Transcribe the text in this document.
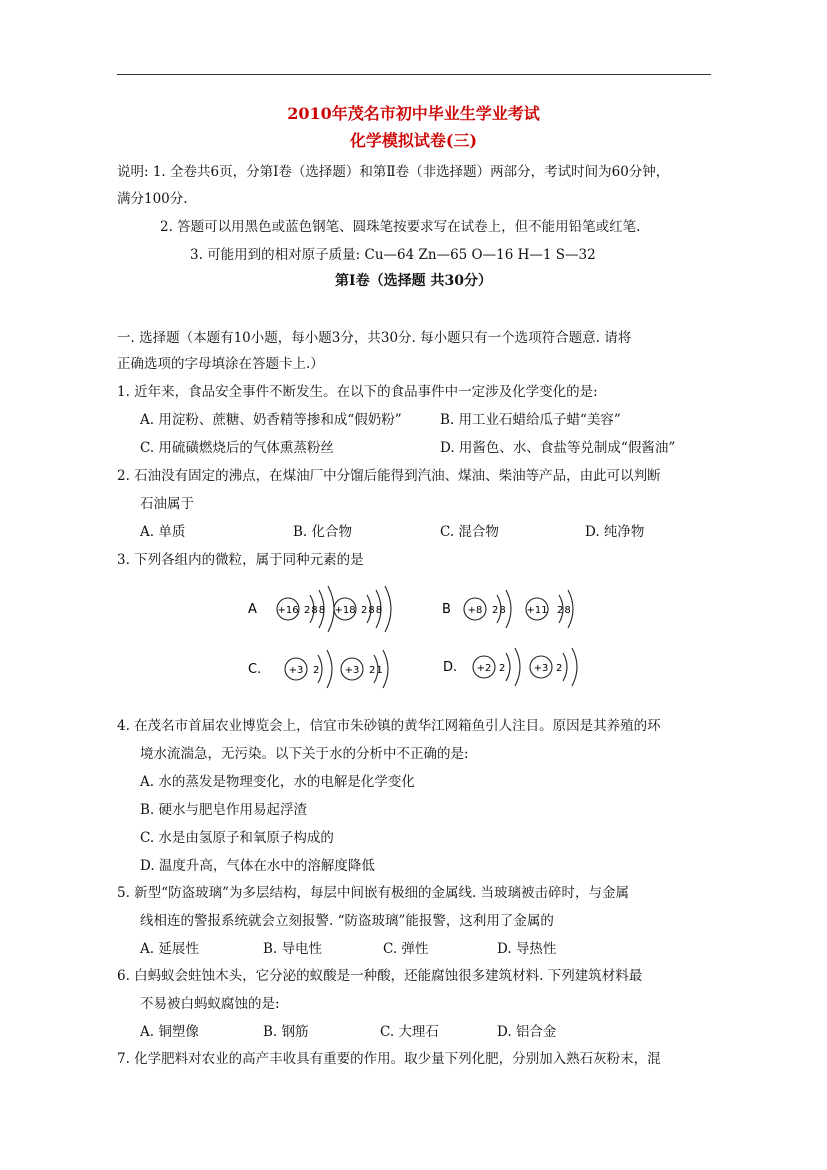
2010年茂名市初中毕业生学业考试
化学模拟试卷(三)
说明: 1. 全卷共6页，分第Ⅰ卷（选择题）和第Ⅱ卷（非选择题）两部分，考试时间为60分钟，
满分100分.
2. 答题可以用黑色或蓝色钢笔、圆珠笔按要求写在试卷上，但不能用铅笔或红笔.
3. 可能用到的相对原子质量: Cu—64 Zn—65 O—16 H—1 S—32
第Ⅰ卷（选择题 共30分）
一. 选择题（本题有10小题，每小题3分，共30分. 每小题只有一个选项符合题意. 请将
正确选项的字母填涂在答题卡上.）
1. 近年来，食品安全事件不断发生。在以下的食品事件中一定涉及化学变化的是:
A. 用淀粉、蔗糖、奶香精等掺和成“假奶粉”	B. 用工业石蜡给瓜子蜡“美容”
C. 用硫磺燃烧后的气体熏蒸粉丝	D. 用酱色、水、食盐等兑制成“假酱油”
2. 石油没有固定的沸点，在煤油厂中分馏后能得到汽油、煤油、柴油等产品，由此可以判断
石油属于
A. 单质	B. 化合物	C. 混合物	D. 纯净物
3. 下列各组内的微粒，属于同种元素的是
A +16 288 +18 288	B +8 28 +11 28
C.	+3 2	+3 21	D. +2 2	+3 2
4. 在茂名市首届农业博览会上，信宜市朱砂镇的黄华江网箱鱼引人注目。原因是其养殖的环
境水流湍急，无污染。以下关于水的分析中不正确的是:
A. 水的蒸发是物理变化，水的电解是化学变化
B. 硬水与肥皂作用易起浮渣
C. 水是由氢原子和氧原子构成的
D. 温度升高，气体在水中的溶解度降低
5. 新型“防盗玻璃”为多层结构，每层中间嵌有极细的金属线. 当玻璃被击碎时，与金属
线相连的警报系统就会立刻报警. “防盗玻璃”能报警，这利用了金属的
A. 延展性	B. 导电性	C. 弹性	D. 导热性
6. 白蚂蚁会蛀蚀木头，它分泌的蚁酸是一种酸，还能腐蚀很多建筑材料. 下列建筑材料最
不易被白蚂蚁腐蚀的是:
A. 铜塑像	B. 钢筋	C. 大理石	D. 铝合金
7. 化学肥料对农业的高产丰收具有重要的作用。取少量下列化肥，分别加入熟石灰粉末，混
